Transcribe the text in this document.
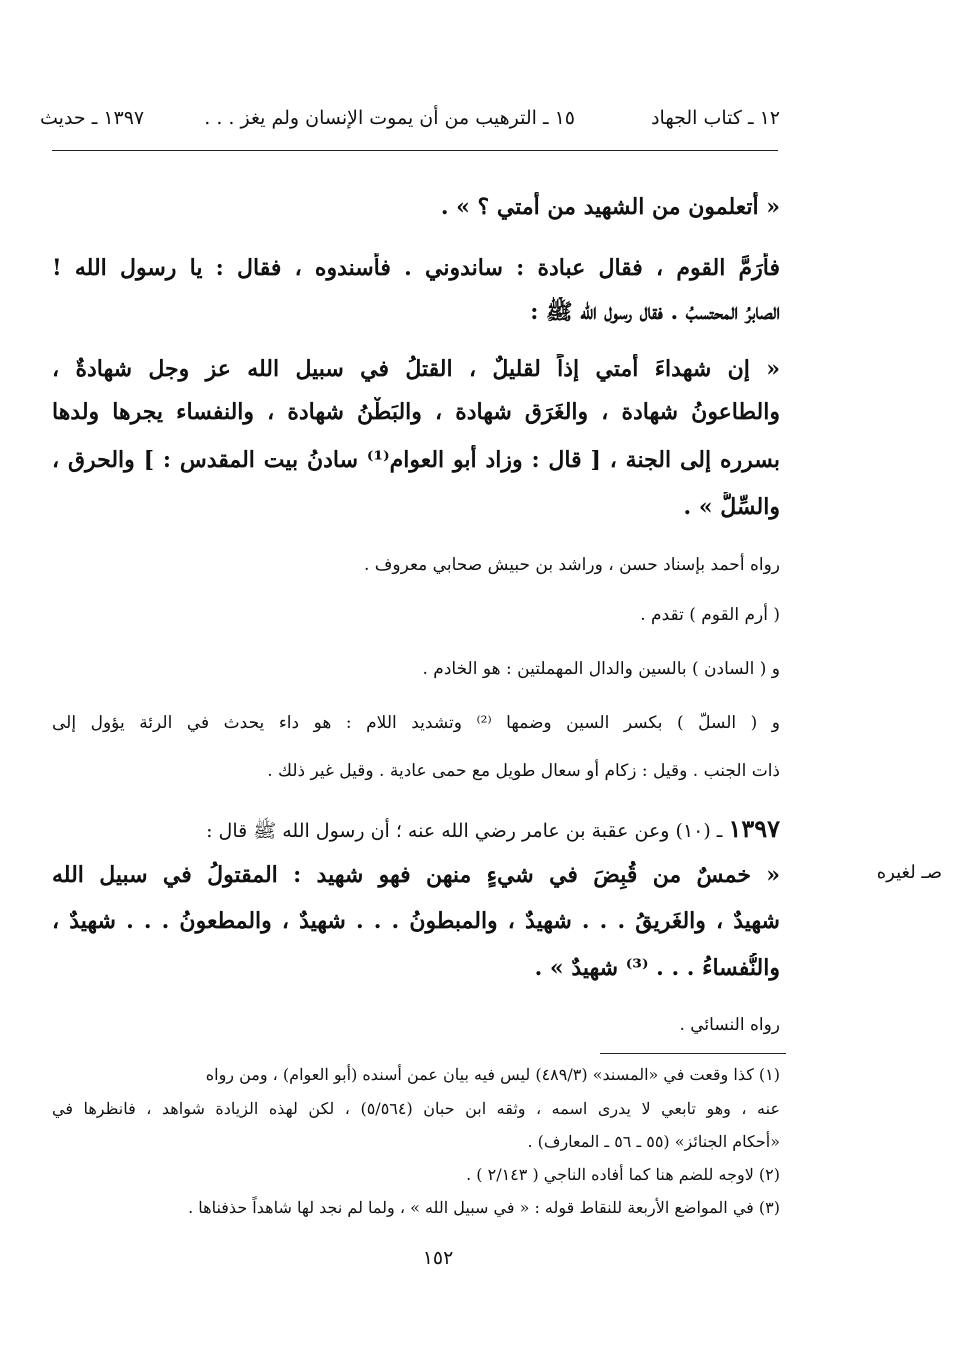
١٢ ـ كتاب الجهاد
١٥ ـ الترهيب من أن يموت الإنسان ولم يغز . . .
١٣٩٧ ـ حديث
« أتعلمون من الشهيد من أمتي ؟ » .
فأَرَمَّ القوم ، فقال عبادة : ساندوني . فأسندوه ، فقال : يا رسول الله !
الصابرُ المحتسبُ . فقال رسول الله ﷺ :
« إن شهداءَ أمتي إذاً لقليلٌ ، القتلُ في سبيل الله عز وجل شهادةٌ ،
والطاعونُ شهادة ، والغَرَق شهادة ، والبَطْنُ شهادة ، والنفساء يجرها ولدها
بسرره إلى الجنة ، [ قال : وزاد أبو العوام⁽¹⁾ سادنُ بيت المقدس : ] والحرق ،
والسِّلُّ » .
رواه أحمد بإسناد حسن ، وراشد بن حبيش صحابي معروف .
( أرم القوم ) تقدم .
و ( السادن ) بالسين والدال المهملتين : هو الخادم .
و ( السلّ ) بكسر السين وضمها ⁽²⁾ وتشديد اللام : هو داء يحدث في الرئة يؤول إلى
ذات الجنب . وقيل : زكام أو سعال طويل مع حمى عادية . وقيل غير ذلك .
١٣٩٧ ـ (١٠) وعن عقبة بن عامر رضي الله عنه ؛ أن رسول الله ﷺ قال :
صـ لغيره
« خمسٌ من قُبِضَ في شيءٍ منهن فهو شهيد : المقتولُ في سبيل الله
شهيدٌ ، والغَريقُ . . . شهيدٌ ، والمبطونُ . . . شهيدٌ ، والمطعونُ . . . شهيدٌ ،
والنُّفساءُ . . . ⁽³⁾ شهيدٌ » .
رواه النسائي .
(١) كذا وقعت في «المسند» (٤٨٩/٣) ليس فيه بيان عمن أسنده (أبو العوام) ، ومن رواه
عنه ، وهو تابعي لا يدرى اسمه ، وثقه ابن حبان (٥/٥٦٤) ، لكن لهذه الزيادة شواهد ، فانظرها في
«أحكام الجنائز» (٥٥ ـ ٥٦ ـ المعارف) .
(٢) لاوجه للضم هنا كما أفاده الناجي ( ٢/١٤٣ ) .
(٣) في المواضع الأربعة للنقاط قوله : « في سبيل الله » ، ولما لم نجد لها شاهداً حذفناها .
١٥٢
